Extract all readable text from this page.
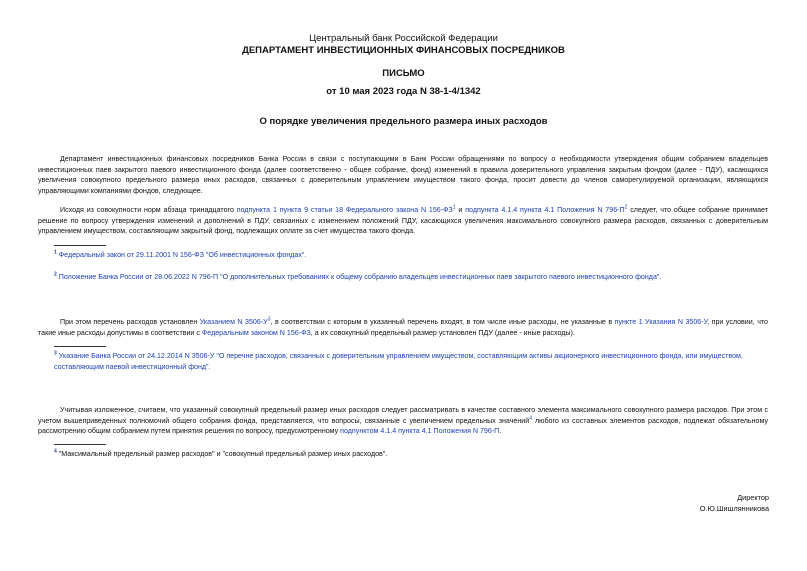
Центральный банк Российской Федерации
ДЕПАРТАМЕНТ ИНВЕСТИЦИОННЫХ ФИНАНСОВЫХ ПОСРЕДНИКОВ
ПИСЬМО
от 10 мая 2023 года N 38-1-4/1342
О порядке увеличения предельного размера иных расходов
Департамент инвестиционных финансовых посредников Банка России в связи с поступающими в Банк России обращениями по вопросу о необходимости утверждения общим собранием владельцев инвестиционных паев закрытого паевого инвестиционного фонда (далее соответственно - общее собрание, фонд) изменений в правила доверительного управления закрытым фондом (далее - ПДУ), касающихся увеличения совокупного предельного размера иных расходов, связанных с доверительным управлением имуществом такого фонда, просит довести до членов саморегулируемой организации, являющихся управляющими компаниями фондов, следующее.
Исходя из совокупности норм абзаца тринадцатого подпункта 1 пункта 9 статьи 18 Федерального закона N $156-ФЗ^1$ и подпункта 4.1.4 пункта 4.1 Положения N $796-П^2$ следует, что общее собрание принимает решение по вопросу утверждения изменений и дополнений в ПДУ, связанных с изменением положений ПДУ, касающихся увеличения максимального совокупного размера расходов, связанных с доверительным управлением имуществом, составляющим закрытый фонд, подлежащих оплате за счет имущества такого фонда.
$^1$ Федеральный закон от 29.11.2001 N 156-ФЗ "Об инвестиционных фондах".
$^2$ Положение Банка России от 28.06.2022 N 796-П "О дополнительных требованиях к общему собранию владельцев инвестиционных паев закрытого паевого инвестиционного фонда".
При этом перечень расходов установлен Указанием N $3506-У^3$, в соответствии с которым в указанный перечень входят, в том числе иные расходы, не указанные в пункте 1 Указания N 3506-У, при условии, что такие иные расходы допустимы в соответствии с Федеральным законом N 156-ФЗ, а их совокупный предельный размер установлен ПДУ (далее - иные расходы).
$^3$ Указание Банка России от 24.12.2014 N 3506-У "О перечне расходов, связанных с доверительным управлением имуществом, составляющим активы акционерного инвестиционного фонда, или имуществом, составляющим паевой инвестиционный фонд".
Учитывая изложенное, считаем, что указанный совокупный предельный размер иных расходов следует рассматривать в качестве составного элемента максимального совокупного размера расходов. При этом с учетом вышеприведенных полномочий общего собрания фонда, представляется, что вопросы, связанные с увеличением предельных значений$^4$ любого из составных элементов расходов, подлежат обязательному рассмотрению общим собранием путем принятия решения по вопросу, предусмотренному подпунктом 4.1.4 пункта 4.1 Положения N 796-П.
$^4$ "Максимальный предельный размер расходов" и "совокупный предельный размер иных расходов".
Директор
О.Ю.Шишлянникова
